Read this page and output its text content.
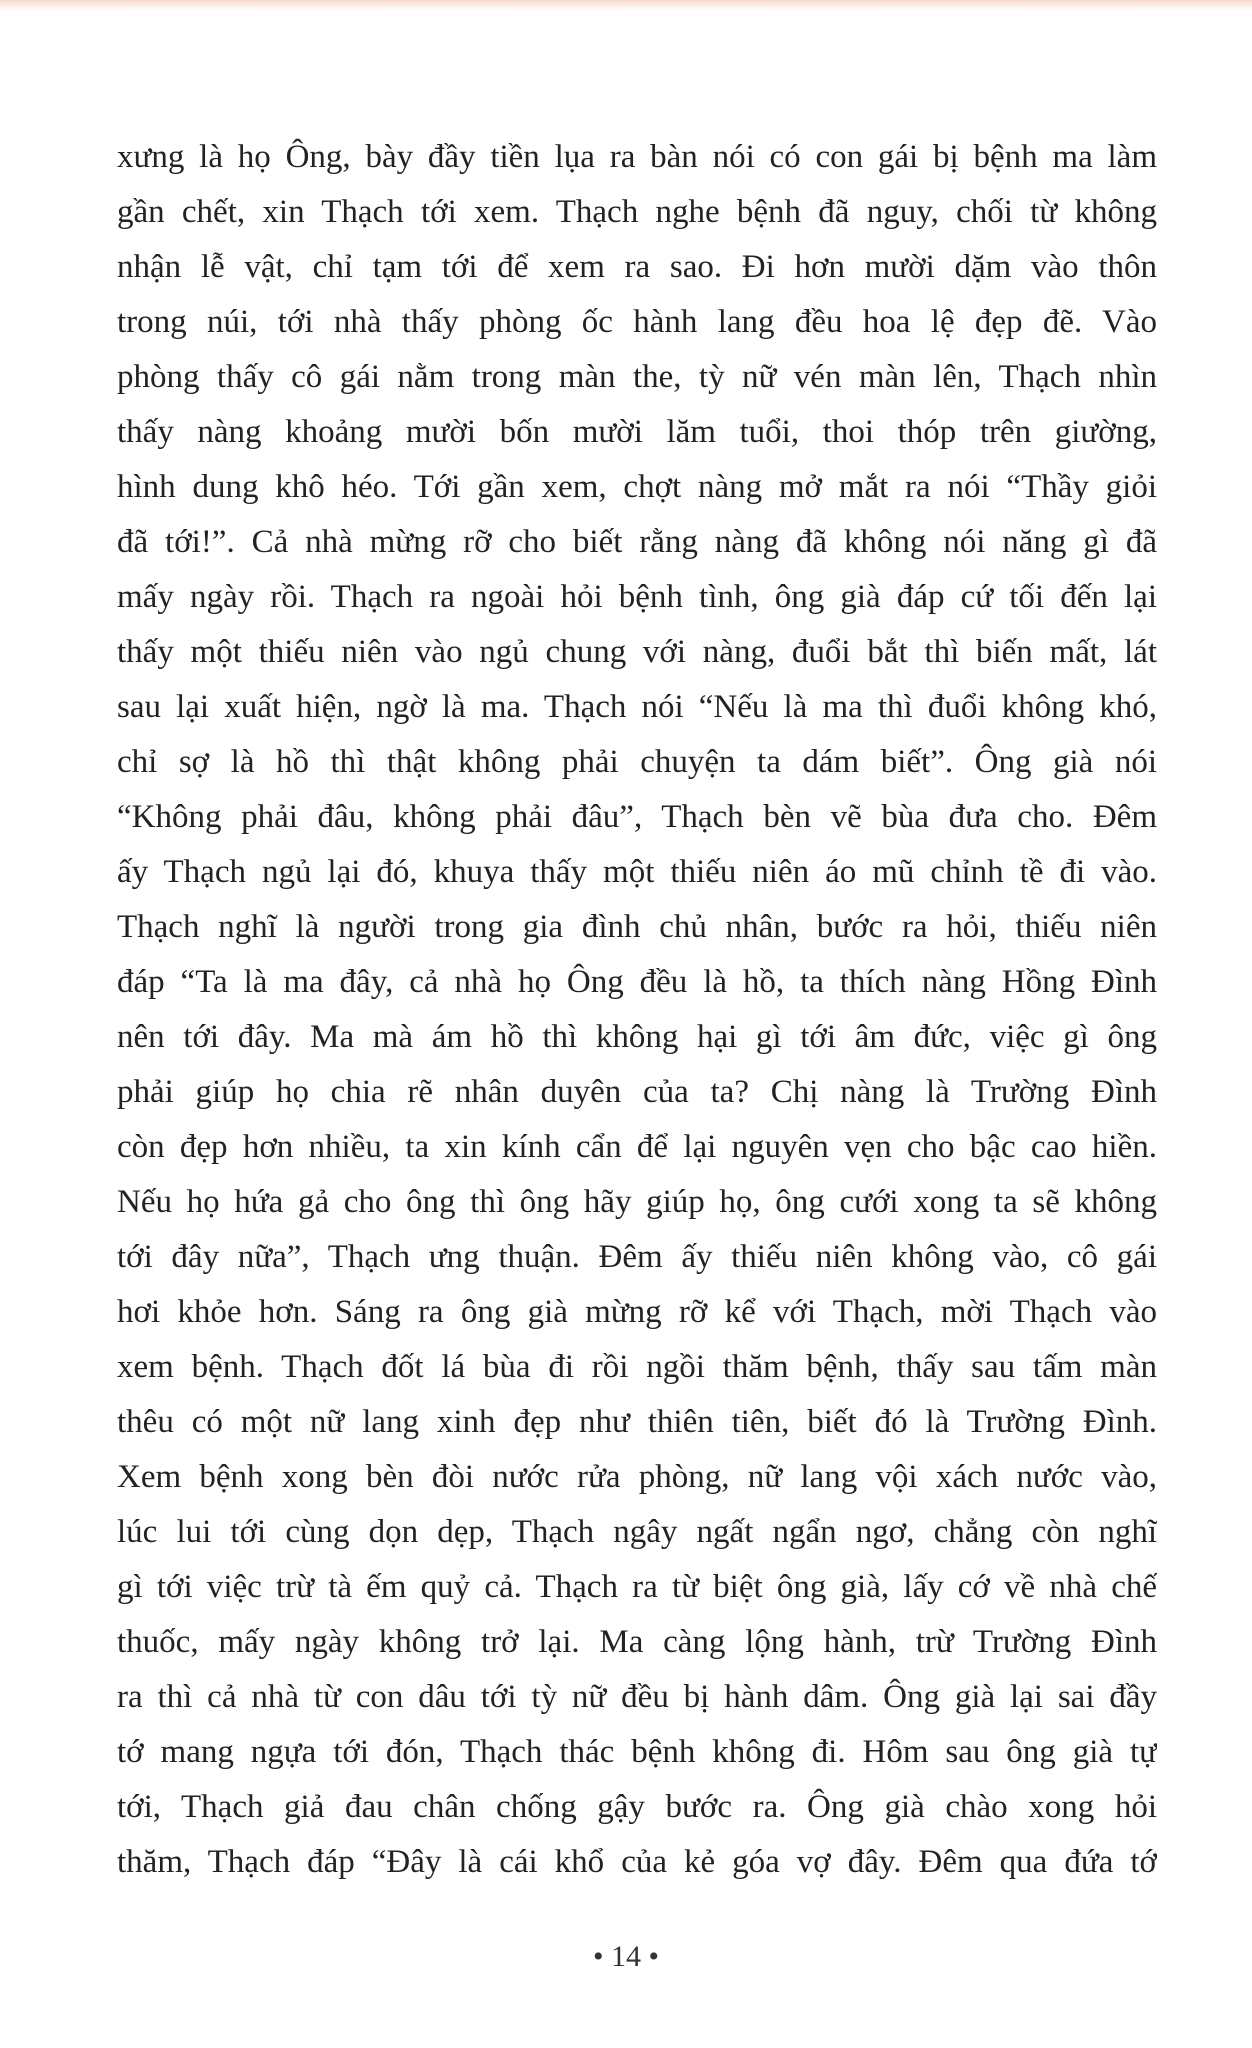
xưng là họ Ông, bày đầy tiền lụa ra bàn nói có con gái bị bệnh ma làm
gần chết, xin Thạch tới xem. Thạch nghe bệnh đã nguy, chối từ không
nhận lễ vật, chỉ tạm tới để xem ra sao. Đi hơn mười dặm vào thôn
trong núi, tới nhà thấy phòng ốc hành lang đều hoa lệ đẹp đẽ. Vào
phòng thấy cô gái nằm trong màn the, tỳ nữ vén màn lên, Thạch nhìn
thấy nàng khoảng mười bốn mười lăm tuổi, thoi thóp trên giường,
hình dung khô héo. Tới gần xem, chợt nàng mở mắt ra nói “Thầy giỏi
đã tới!”. Cả nhà mừng rỡ cho biết rằng nàng đã không nói năng gì đã
mấy ngày rồi. Thạch ra ngoài hỏi bệnh tình, ông già đáp cứ tối đến lại
thấy một thiếu niên vào ngủ chung với nàng, đuổi bắt thì biến mất, lát
sau lại xuất hiện, ngờ là ma. Thạch nói “Nếu là ma thì đuổi không khó,
chỉ sợ là hồ thì thật không phải chuyện ta dám biết”. Ông già nói
“Không phải đâu, không phải đâu”, Thạch bèn vẽ bùa đưa cho. Đêm
ấy Thạch ngủ lại đó, khuya thấy một thiếu niên áo mũ chỉnh tề đi vào.
Thạch nghĩ là người trong gia đình chủ nhân, bước ra hỏi, thiếu niên
đáp “Ta là ma đây, cả nhà họ Ông đều là hồ, ta thích nàng Hồng Đình
nên tới đây. Ma mà ám hồ thì không hại gì tới âm đức, việc gì ông
phải giúp họ chia rẽ nhân duyên của ta? Chị nàng là Trường Đình
còn đẹp hơn nhiều, ta xin kính cẩn để lại nguyên vẹn cho bậc cao hiền.
Nếu họ hứa gả cho ông thì ông hãy giúp họ, ông cưới xong ta sẽ không
tới đây nữa”, Thạch ưng thuận. Đêm ấy thiếu niên không vào, cô gái
hơi khỏe hơn. Sáng ra ông già mừng rỡ kể với Thạch, mời Thạch vào
xem bệnh. Thạch đốt lá bùa đi rồi ngồi thăm bệnh, thấy sau tấm màn
thêu có một nữ lang xinh đẹp như thiên tiên, biết đó là Trường Đình.
Xem bệnh xong bèn đòi nước rửa phòng, nữ lang vội xách nước vào,
lúc lui tới cùng dọn dẹp, Thạch ngây ngất ngẩn ngơ, chẳng còn nghĩ
gì tới việc trừ tà ếm quỷ cả. Thạch ra từ biệt ông già, lấy cớ về nhà chế
thuốc, mấy ngày không trở lại. Ma càng lộng hành, trừ Trường Đình
ra thì cả nhà từ con dâu tới tỳ nữ đều bị hành dâm. Ông già lại sai đầy
tớ mang ngựa tới đón, Thạch thác bệnh không đi. Hôm sau ông già tự
tới, Thạch giả đau chân chống gậy bước ra. Ông già chào xong hỏi
thăm, Thạch đáp “Đây là cái khổ của kẻ góa vợ đây. Đêm qua đứa tớ
• 14 •
